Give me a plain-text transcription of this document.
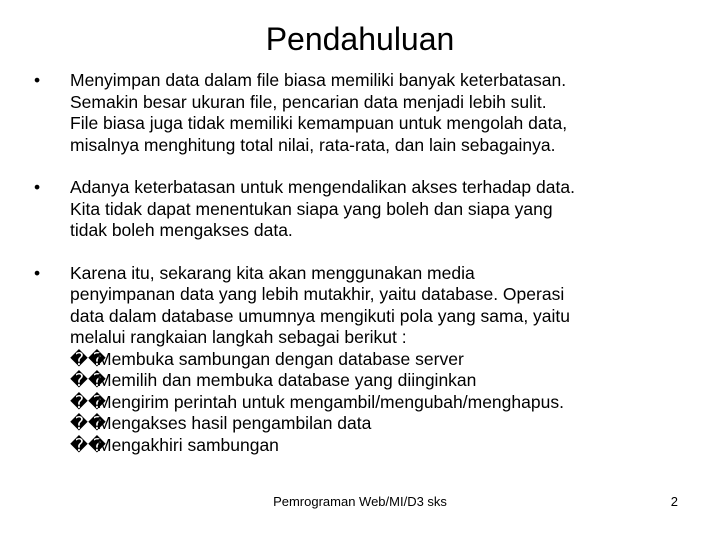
Pendahuluan
•	Menyimpan data dalam file biasa memiliki banyak keterbatasan.
Semakin besar ukuran file, pencarian data menjadi lebih sulit.
File biasa juga tidak memiliki kemampuan untuk mengolah data,
misalnya menghitung total nilai, rata-rata, dan lain sebagainya.
•	Adanya keterbatasan untuk mengendalikan akses terhadap data.
Kita tidak dapat menentukan siapa yang boleh dan siapa yang
tidak boleh mengakses data.
•	Karena itu, sekarang kita akan menggunakan media
penyimpanan data yang lebih mutakhir, yaitu database. Operasi
data dalam database umumnya mengikuti pola yang sama, yaitu
melalui rangkaian langkah sebagai berikut :
��
Membuka sambungan dengan database server
��
Memilih dan membuka database yang diinginkan
��
Mengirim perintah untuk mengambil/mengubah/menghapus.
��
Mengakses hasil pengambilan data
��
Mengakhiri sambungan
Pemrograman Web/MI/D3 sks	2
